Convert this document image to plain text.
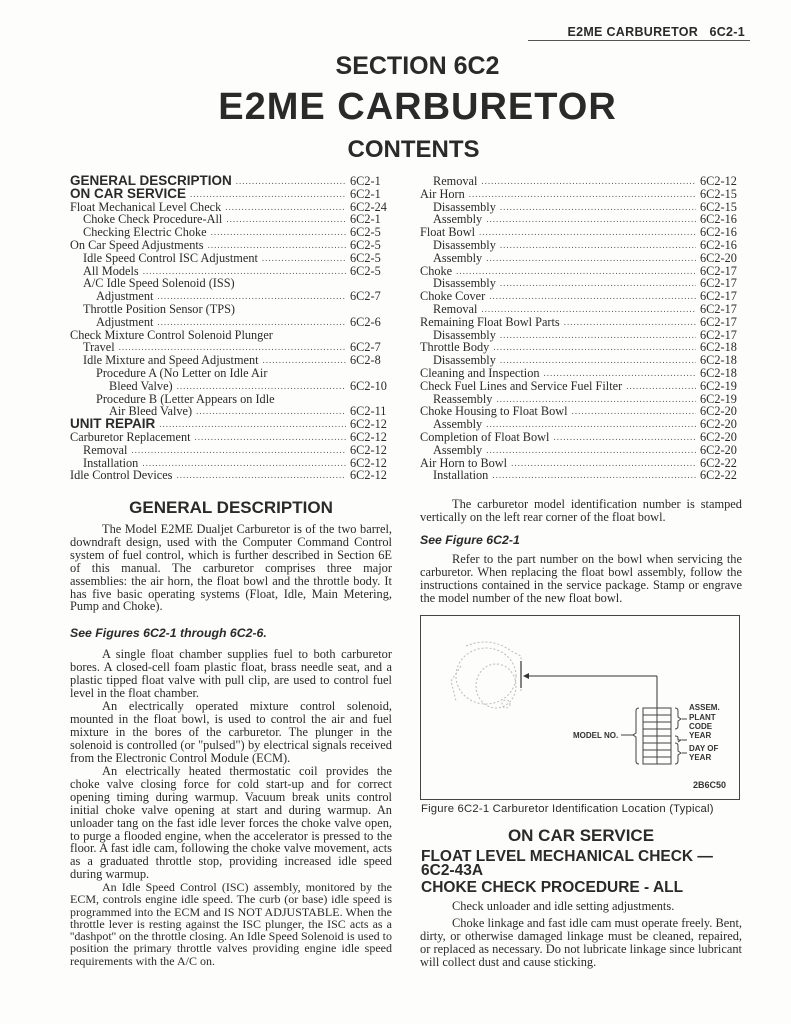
E2ME CARBURETOR 6C2-1
SECTION 6C2
E2ME CARBURETOR
CONTENTS
GENERAL DESCRIPTION .....	6C2-1
ON CAR SERVICE .....	6C2-1
Float Mechanical Level Check .....	6C2-24
Choke Check Procedure-All .....	6C2-1
Checking Electric Choke .....	6C2-5
On Car Speed Adjustments .....	6C2-5
Idle Speed Control ISC Adjustment .....	6C2-5
All Models .....	6C2-5
A/C Idle Speed Solenoid (ISS)
Adjustment .....	6C2-7
Throttle Position Sensor (TPS)
Adjustment .....	6C2-6
Check Mixture Control Solenoid Plunger
Travel .....	6C2-7
Idle Mixture and Speed Adjustment .....	6C2-8
Procedure A (No Letter on Idle Air
Bleed Valve) .....	6C2-10
Procedure B (Letter Appears on Idle
Air Bleed Valve) .....	6C2-11
UNIT REPAIR .....	6C2-12
Carburetor Replacement .....	6C2-12
Removal .....	6C2-12
Installation .....	6C2-12
Idle Control Devices .....	6C2-12
Removal .....	6C2-12
Air Horn .....	6C2-15
Disassembly .....	6C2-15
Assembly .....	6C2-16
Float Bowl .....	6C2-16
Disassembly .....	6C2-16
Assembly .....	6C2-20
Choke .....	6C2-17
Disassembly .....	6C2-17
Choke Cover .....	6C2-17
Removal .....	6C2-17
Remaining Float Bowl Parts .....	6C2-17
Disassembly .....	6C2-17
Throttle Body .....	6C2-18
Disassembly .....	6C2-18
Cleaning and Inspection .....	6C2-18
Check Fuel Lines and Service Fuel Filter .....	6C2-19
Reassembly .....	6C2-19
Choke Housing to Float Bowl .....	6C2-20
Assembly .....	6C2-20
Completion of Float Bowl .....	6C2-20
Assembly .....	6C2-20
Air Horn to Bowl .....	6C2-22
Installation .....	6C2-22
GENERAL DESCRIPTION
The Model E2ME Dualjet Carburetor is of the two barrel, downdraft design, used with the Computer Command Control system of fuel control, which is further described in Section 6E of this manual. The carburetor comprises three major assemblies: the air horn, the float bowl and the throttle body. It has five basic operating systems (Float, Idle, Main Metering, Pump and Choke).
See Figures 6C2-1 through 6C2-6.
A single float chamber supplies fuel to both carburetor bores. A closed-cell foam plastic float, brass needle seat, and a plastic tipped float valve with pull clip, are used to control fuel level in the float chamber.
An electrically operated mixture control solenoid, mounted in the float bowl, is used to control the air and fuel mixture in the bores of the carburetor. The plunger in the solenoid is controlled (or "pulsed") by electrical signals received from the Electronic Control Module (ECM).
An electrically heated thermostatic coil provides the choke valve closing force for cold start-up and for correct opening timing during warmup. Vacuum break units control initial choke valve opening at start and during warmup. An unloader tang on the fast idle lever forces the choke valve open, to purge a flooded engine, when the accelerator is pressed to the floor. A fast idle cam, following the choke valve movement, acts as a graduated throttle stop, providing increased idle speed during warmup.
An Idle Speed Control (ISC) assembly, monitored by the ECM, controls engine idle speed. The curb (or base) idle speed is programmed into the ECM and IS NOT ADJUSTABLE. When the throttle lever is resting against the ISC plunger, the ISC acts as a ''dashpot'' on the throttle closing. An Idle Speed Solenoid is used to position the primary throttle valves providing engine idle speed requirements with the A/C on.
The carburetor model identification number is stamped vertically on the left rear corner of the float bowl.
See Figure 6C2-1
Refer to the part number on the bowl when servicing the carburetor. When replacing the float bowl assembly, follow the instructions contained in the service package. Stamp or engrave the model number of the new float bowl.
MODEL NO.
ASSEM.
PLANT CODE
YEAR
DAY OF YEAR
2B6C50
Figure 6C2-1 Carburetor Identification Location (Typical)
ON CAR SERVICE
FLOAT LEVEL MECHANICAL CHECK —
6C2-43A
CHOKE CHECK PROCEDURE - ALL
Check unloader and idle setting adjustments.
Choke linkage and fast idle cam must operate freely. Bent, dirty, or otherwise damaged linkage must be cleaned, repaired, or replaced as necessary. Do not lubricate linkage since lubricant will collect dust and cause sticking.
